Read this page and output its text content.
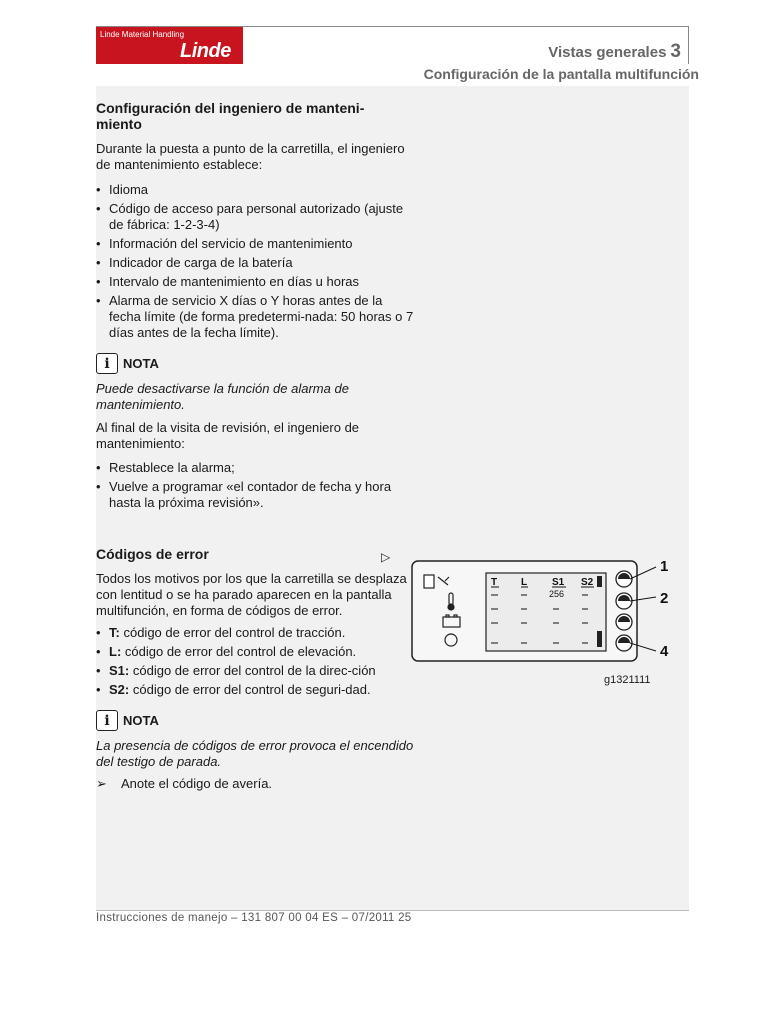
Linde Material Handling
Linde	Vistas generales 3
Configuración de la pantalla multifunción
Configuración del ingeniero de manteni-miento

Durante la puesta a punto de la carretilla, el ingeniero de mantenimiento establece:

• Idioma
• Código de acceso para personal autorizado (ajuste de fábrica: 1-2-3-4)
• Información del servicio de mantenimiento
• Indicador de carga de la batería
• Intervalo de mantenimiento en días u horas
• Alarma de servicio X días o Y horas antes de la fecha límite (de forma predetermi-nada: 50 horas o 7 días antes de la fecha límite).
i	NOTA

Puede desactivarse la función de alarma de mantenimiento.

Al final de la visita de revisión, el ingeniero de mantenimiento:

• Restablece la alarma;
• Vuelve a programar «el contador de fecha y hora hasta la próxima revisión».
Códigos de error

Todos los motivos por los que la carretilla se desplaza con lentitud o se ha parado aparecen en la pantalla multifunción, en forma de códigos de error.

• T: código de error del control de tracción.
• L: código de error del control de elevación.
• S1: código de error del control de la direc-ción
• S2: código de error del control de seguri-dad.
i	NOTA

La presencia de códigos de error provoca el encendido del testigo de parada.

➢ Anote el código de avería.
▷
T L S1 S2
256
1
2
4
g1321111
Instrucciones de manejo – 131 807 00 04 ES – 07/2011 25
